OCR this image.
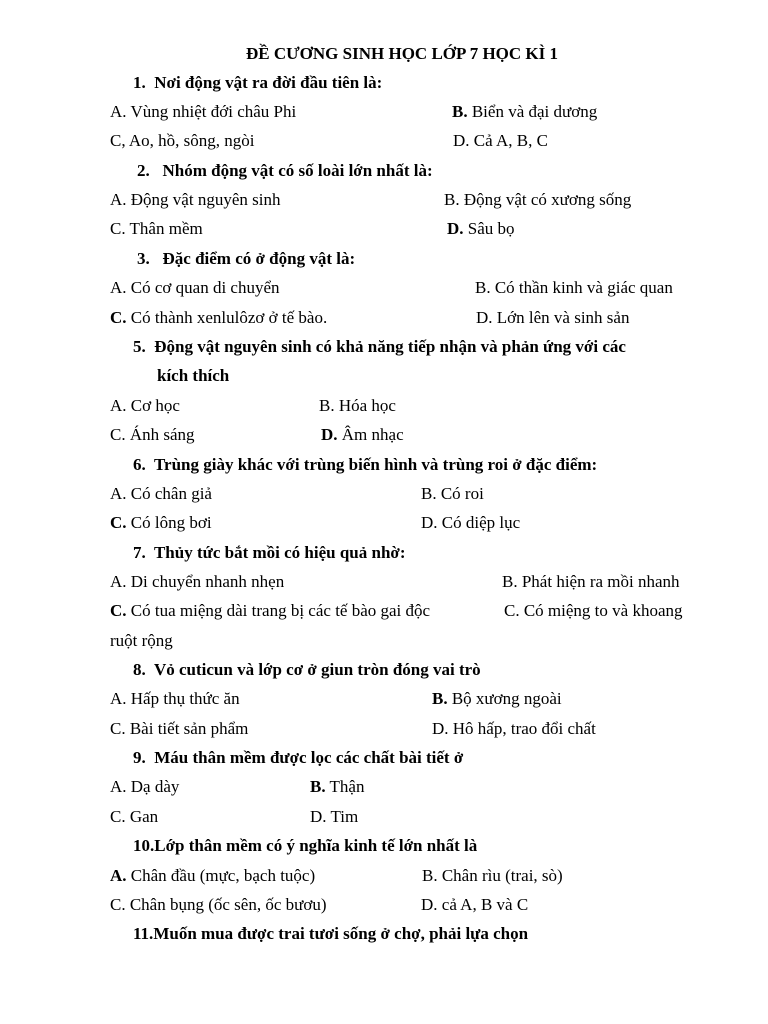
ĐỀ CƯƠNG SINH HỌC LỚP 7 HỌC KÌ 1
1. Nơi động vật ra đời đầu tiên là:
A. Vùng nhiệt đới châu Phi	B. Biển và đại dương
C, Ao, hồ, sông, ngòi	D. Cả A, B, C
2. Nhóm động vật có số loài lớn nhất là:
A. Động vật nguyên sinh	B. Động vật có xương sống
C. Thân mềm	D. Sâu bọ
3. Đặc điểm có ở động vật là:
A. Có cơ quan di chuyển	B. Có thần kinh và giác quan
C. Có thành xenlulôzơ ở tế bào.	D. Lớn lên và sinh sản
5. Động vật nguyên sinh có khả năng tiếp nhận và phản ứng với các
kích thích
A. Cơ học	B. Hóa học
C. Ánh sáng	D. Âm nhạc
6. Trùng giày khác với trùng biến hình và trùng roi ở đặc điểm:
A. Có chân giả	B. Có roi
C. Có lông bơi	D. Có diệp lục
7. Thủy tức bắt mồi có hiệu quả nhờ:
A. Di chuyển nhanh nhẹn	B. Phát hiện ra mồi nhanh
C. Có tua miệng dài trang bị các tế bào gai độc	C. Có miệng to và khoang
ruột rộng
8. Vỏ cuticun và lớp cơ ở giun tròn đóng vai trò
A. Hấp thụ thức ăn	B. Bộ xương ngoài
C. Bài tiết sản phẩm	D. Hô hấp, trao đổi chất
9. Máu thân mềm được lọc các chất bài tiết ở
A. Dạ dày	B. Thận
C. Gan	D. Tim
10.Lớp thân mềm có ý nghĩa kinh tế lớn nhất là
A. Chân đầu (mực, bạch tuộc)	B. Chân rìu (trai, sò)
C. Chân bụng (ốc sên, ốc bươu)	D. cả A, B và C
11.Muốn mua được trai tươi sống ở chợ, phải lựa chọn
